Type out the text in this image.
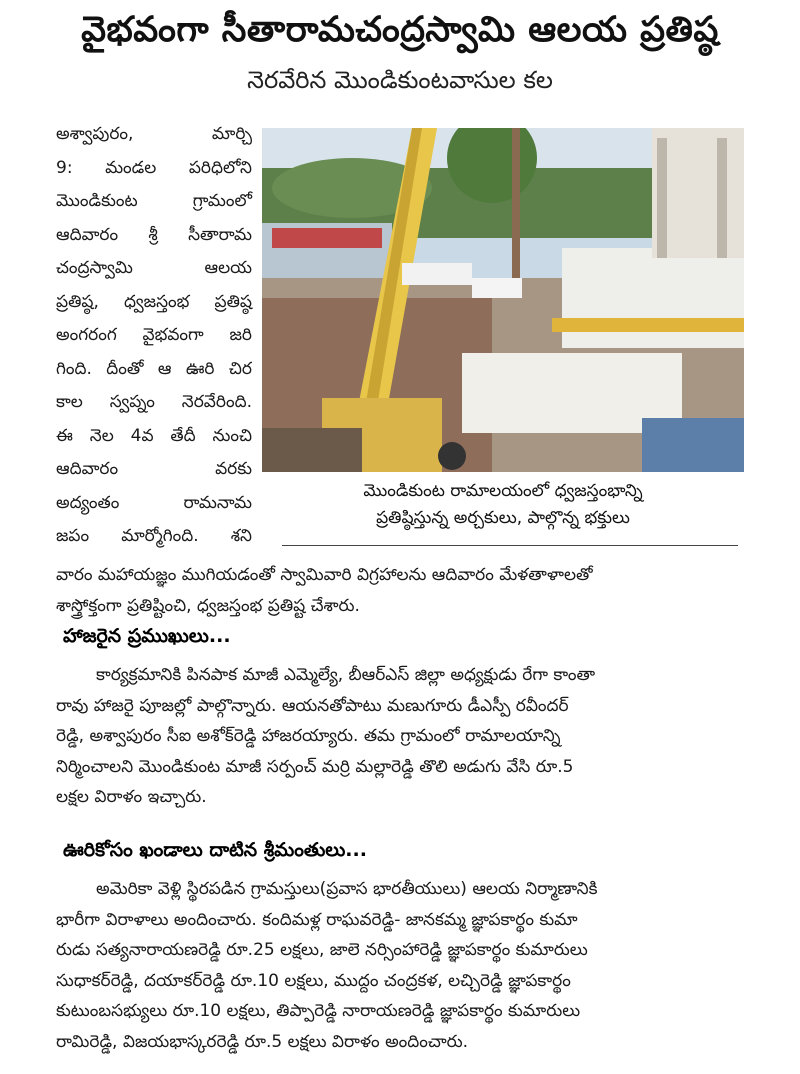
వైభవంగా సీతారామచంద్రస్వామి ఆలయ ప్రతిష్ఠ
నెరవేరిన మొండికుంటవాసుల కల
మొండికుంట రామాలయంలో ధ్వజస్తంభాన్ని
ప్రతిష్ఠిస్తున్న అర్చకులు, పాల్గొన్న భక్తులు

అశ్వాపురం, మార్చి

9: మండల పరిధిలోని

మొండికుంట గ్రామంలో

ఆదివారం శ్రీ సీతారామ

చంద్రస్వామి ఆలయ

ప్రతిష్ఠ, ధ్వజస్తంభ ప్రతిష్ఠ

అంగరంగ వైభవంగా జరి

గింది. దీంతో ఆ ఊరి చిర

కాల స్వప్నం నెరవేరింది.

ఈ నెల 4వ తేదీ నుంచి

ఆదివారం వరకు

అద్యంతం రామనామ

జపం మార్మోగింది. శని

వారం మహాయజ్ఞం ముగియడంతో స్వామివారి విగ్రహాలను ఆదివారం మేళతాళాలతో

శాస్త్రోక్తంగా ప్రతిష్టించి, ధ్వజస్తంభ ప్రతిష్ట చేశారు.

హాజరైన ప్రముఖులు...

కార్యక్రమానికి పినపాక మాజీ ఎమ్మెల్యే, బీఆర్ఎస్ జిల్లా అధ్యక్షుడు రేగా కాంతా

రావు హాజరై పూజల్లో పాల్గొన్నారు. ఆయనతోపాటు మణుగూరు డీఎస్పీ రవీందర్

రెడ్డి, అశ్వాపురం సీఐ అశోక్‌రెడ్డి హాజరయ్యారు. తమ గ్రామంలో రామాలయాన్ని

నిర్మించాలని మొండికుంట మాజీ సర్పంచ్ మర్రి మల్లారెడ్డి తొలి అడుగు వేసి రూ.5

లక్షల విరాళం ఇచ్చారు.

ఊరికోసం ఖండాలు దాటిన శ్రీమంతులు...

అమెరికా వెళ్లి స్థిరపడిన గ్రామస్తులు(ప్రవాస భారతీయులు) ఆలయ నిర్మాణానికి

భారీగా విరాళాలు అందించారు. కందిమళ్ల రాఘవరెడ్డి- జానకమ్మ జ్ఞాపకార్థం కుమా

రుడు సత్యనారాయణరెడ్డి రూ.25 లక్షలు, జాలె నర్సింహారెడ్డి జ్ఞాపకార్థం కుమారులు

సుధాకర్‌రెడ్డి, దయాకర్‌రెడ్డి రూ.10 లక్షలు, ముద్దం చంద్రకళ, లచ్చిరెడ్డి జ్ఞాపకార్థం

కుటుంబసభ్యులు రూ.10 లక్షలు, తిప్పారెడ్డి నారాయణరెడ్డి జ్ఞాపకార్థం కుమారులు

రామిరెడ్డి, విజయభాస్కరరెడ్డి రూ.5 లక్షలు విరాళం అందించారు.
